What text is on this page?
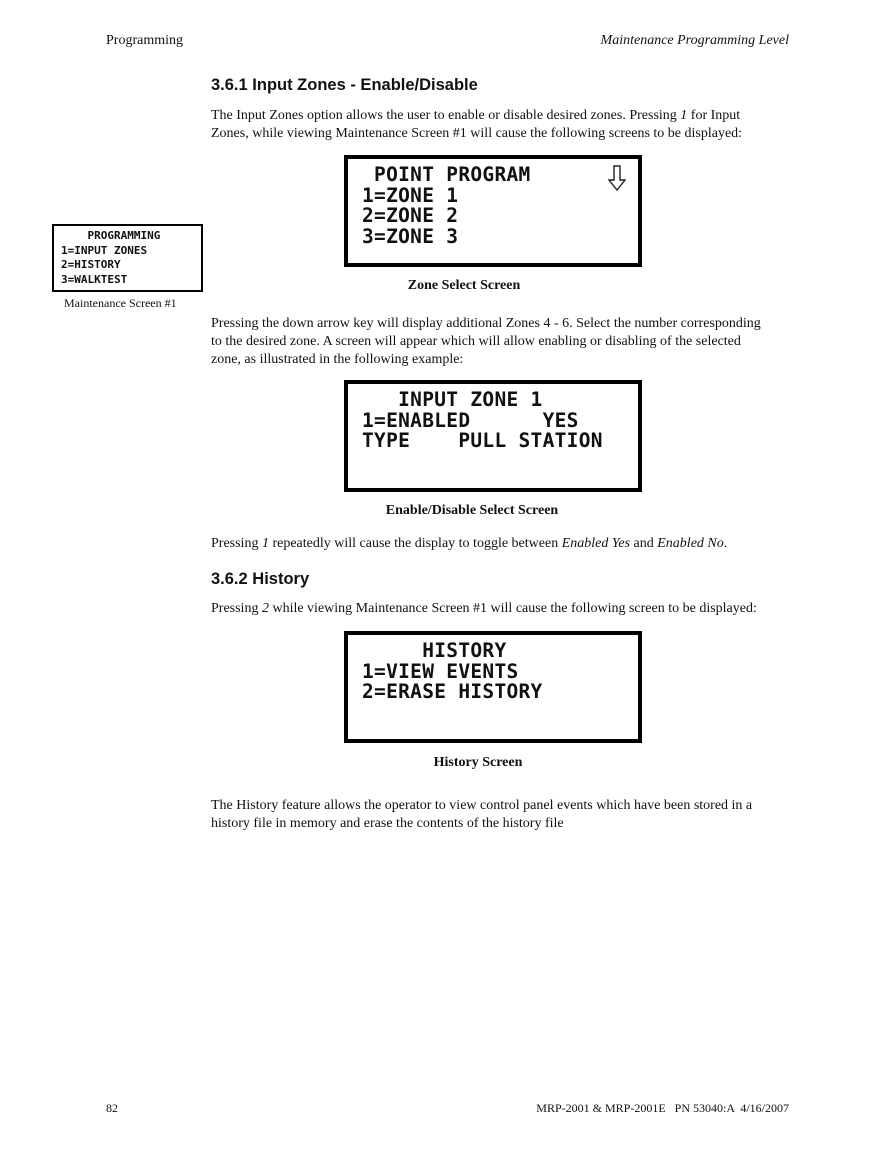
Programming	Maintenance Programming Level
3.6.1 Input Zones - Enable/Disable

The Input Zones option allows the user to enable or disable desired zones. Pressing 1 for Input
Zones, while viewing Maintenance Screen #1 will cause the following screens to be displayed:

POINT PROGRAM
1=ZONE 1
2=ZONE 2
3=ZONE 3
Zone Select Screen
PROGRAMMING
1=INPUT ZONES
2=HISTORY
3=WALKTEST
Maintenance Screen #1

Pressing the down arrow key will display additional Zones 4 - 6. Select the number corresponding
to the desired zone. A screen will appear which will allow enabling or disabling of the selected
zone, as illustrated in the following example:

INPUT ZONE 1
1=ENABLED      YES
TYPE    PULL STATION
Enable/Disable Select Screen

Pressing 1 repeatedly will cause the display to toggle between Enabled Yes and Enabled No.

3.6.2 History

Pressing 2 while viewing Maintenance Screen #1 will cause the following screen to be displayed:

HISTORY
1=VIEW EVENTS
2=ERASE HISTORY
History Screen

The History feature allows the operator to view control panel events which have been stored in a
history file in memory and erase the contents of the history file

82	MRP-2001 & MRP-2001E   PN 53040:A  4/16/2007
